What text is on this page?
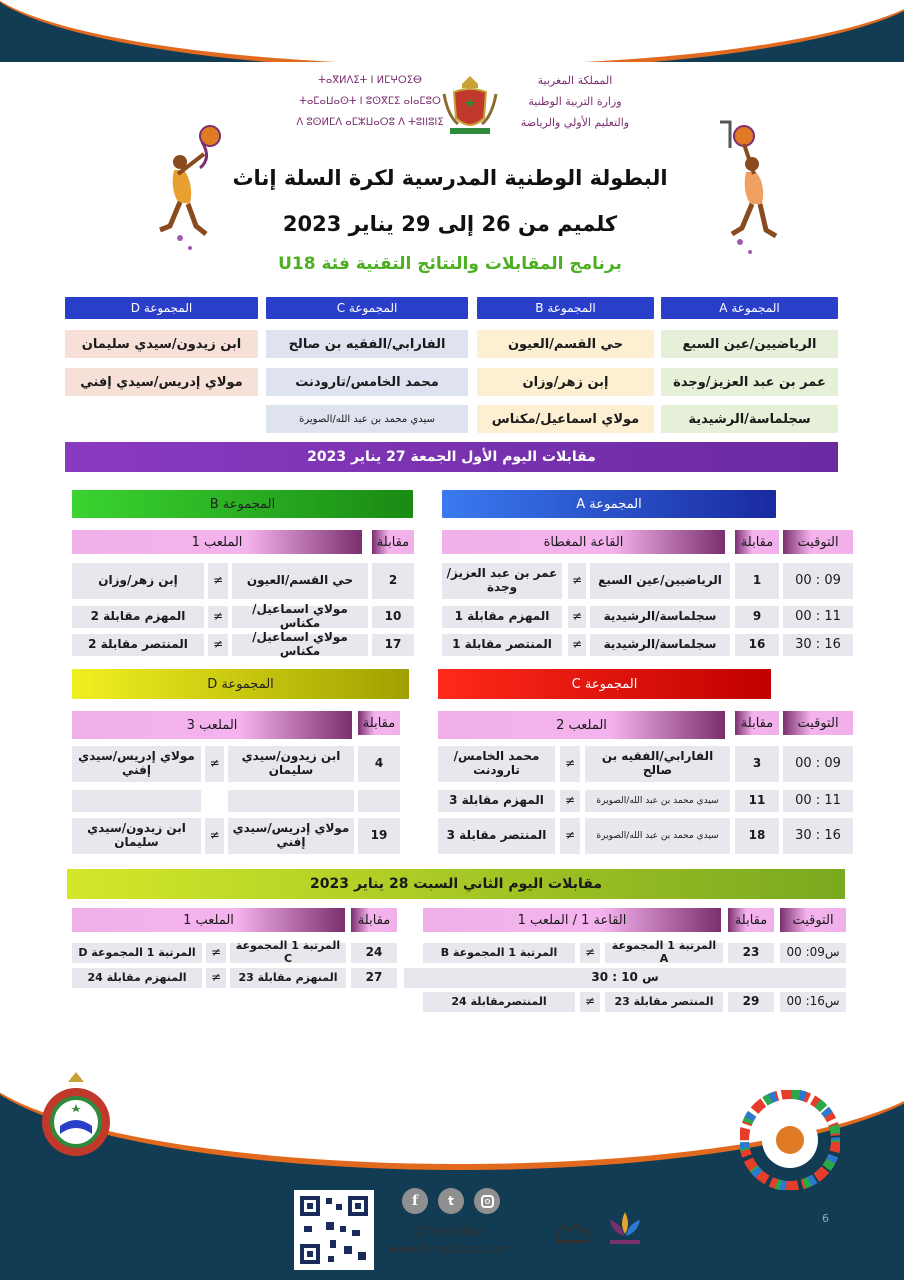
المملكة المغربية
وزارة التربية الوطنية
والتعليم الأولي والرياضة
ⵜⴰⴳⵍⴷⵉⵜ ⵏ ⵍⵎⵖⵔⵉⴱ
ⵜⴰⵎⴰⵡⴰⵙⵜ ⵏ ⵓⵙⴳⵎⵉ ⴰⵏⴰⵎⵓⵔ
ⴷ ⵓⵙⵍⵎⴷ ⴰⵎⵣⵡⴰⵔⵓ ⴷ ⵜⵓⵏⵏⵓⵏⵉ
البطولة الوطنية المدرسية لكرة السلة إناث
كلميم من 26 إلى 29 يناير 2023
برنامج المقابلات والنتائج التقنية فئة U18
المجموعة A
المجموعة B
المجموعة C
المجموعة D
الرياضيين/عين السبع
عمر بن عبد العزيز/وجدة
سجلماسة/الرشيدية
حي القسم/العيون
إبن زهر/وزان
مولاي اسماعيل/مكناس
الفارابي/الفقيه بن صالح
محمد الخامس/تارودنت
سيدي محمد بن عبد الله/الصويرة
ابن زيدون/سيدي سليمان
مولاي إدريس/سيدي إفني
مقابلات اليوم الأول الجمعة 27 يناير 2023
المجموعة A
المجموعة B
التوقيت
مقابلة
القاعة المغطاة
مقابلة
الملعب 1
09 : 00
1
الرياضيين/عين السبع
≠
عمر بن عبد العزيز/وجدة
2
حي القسم/العيون
≠
إبن زهر/وزان
11 : 00
9
سجلماسة/الرشيدية
≠
المهزم مقابلة 1
10
مولاي اسماعيل/مكناس
≠
المهزم مقابلة 2
16 : 30
16
سجلماسة/الرشيدية
≠
المنتصر مقابلة 1
17
مولاي اسماعيل/مكناس
≠
المنتصر مقابلة 2
المجموعة C
المجموعة D
التوقيت
مقابلة
الملعب 2
مقابلة
الملعب 3
09 : 00
3
الفارابي/الفقيه بن صالح
≠
محمد الخامس/تارودنت
4
ابن زيدون/سيدي سليمان
≠
مولاي إدريس/سيدي إفني
11 : 00
11
سيدي محمد بن عبد الله/الصويرة
≠
المهزم مقابلة 3
16 : 30
18
سيدي محمد بن عبد الله/الصويرة
≠
المنتصر مقابلة 3
19
مولاي إدريس/سيدي إفني
≠
ابن زيدون/سيدي سليمان
مقابلات اليوم الثاني السبت 28 يناير 2023
التوقيت
مقابلة
القاعة 1 / الملعب 1
مقابلة
الملعب 1
س09: 00
23
المرتبة 1 المجموعة A
≠
المرتبة 1 المجموعة B
24
المرتبة 1 المجموعة C
≠
المرتبة 1 المجموعة D
27
المنهزم مقابلة 23
≠
المنهزم مقابلة 24	س 10 : 30
س16: 00
29
المنتصر مقابلة 23
≠
المنتصرمقابلة 24
6
f	t
@frmssdpss
www.frmssdpss.com
